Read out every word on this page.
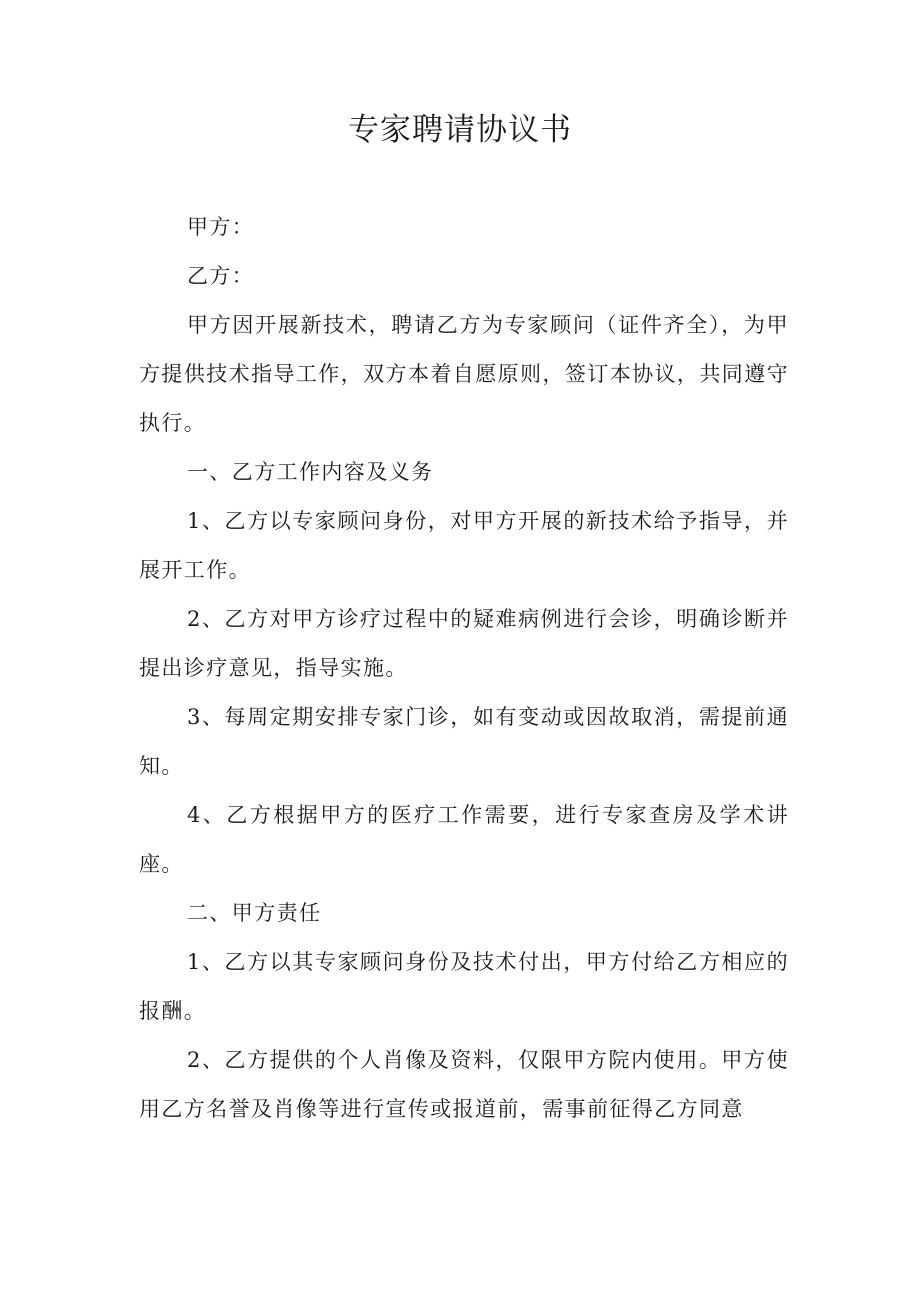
专家聘请协议书

甲方：

乙方：

甲方因开展新技术，聘请乙方为专家顾问（证件齐全），为甲方提供技术指导工作，双方本着自愿原则，签订本协议，共同遵守执行。

一、乙方工作内容及义务

1、乙方以专家顾问身份，对甲方开展的新技术给予指导，并展开工作。

2、乙方对甲方诊疗过程中的疑难病例进行会诊，明确诊断并提出诊疗意见，指导实施。

3、每周定期安排专家门诊，如有变动或因故取消，需提前通知。

4、乙方根据甲方的医疗工作需要，进行专家查房及学术讲座。

二、甲方责任

1、乙方以其专家顾问身份及技术付出，甲方付给乙方相应的报酬。

2、乙方提供的个人肖像及资料，仅限甲方院内使用。甲方使用乙方名誉及肖像等进行宣传或报道前，需事前征得乙方同意
